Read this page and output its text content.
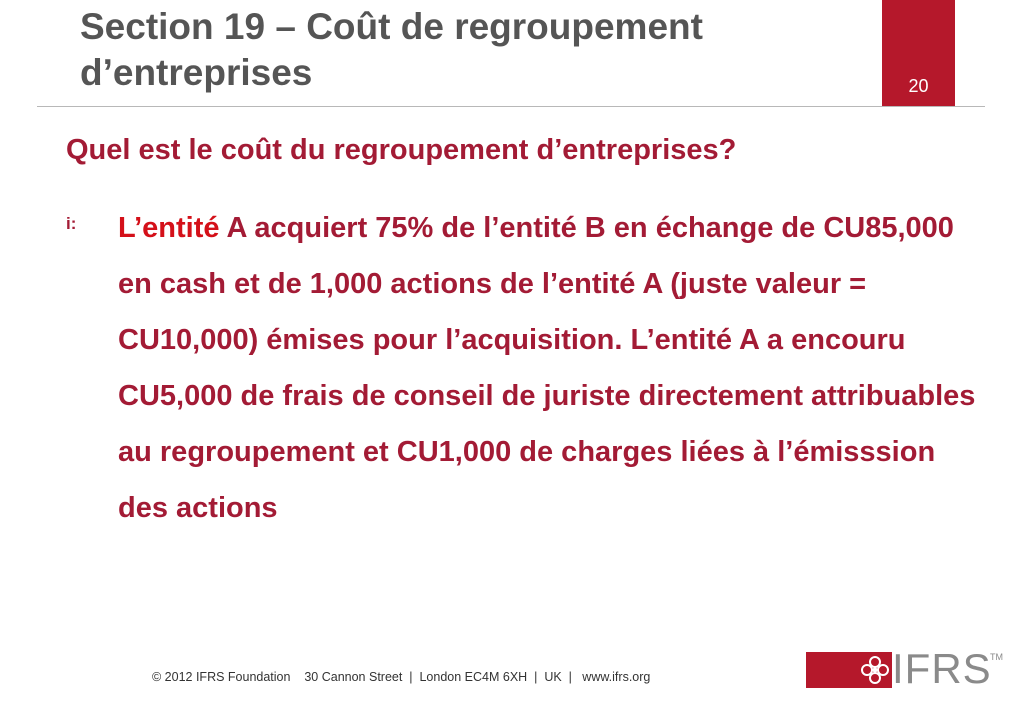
Section 19 – Coût de regroupement
d’entreprises	20
Quel est le coût du regroupement d’entreprises?
i: L’entité A acquiert 75% de l’entité B en échange de CU85,000 en cash et de 1,000 actions de l’entité A (juste valeur = CU10,000) émises pour l’acquisition. L’entité A a encouru CU5,000 de frais de conseil de juriste directement attribuables au regroupement et CU1,000 de charges liées à l’émisssion des actions

© 2012 IFRS Foundation    30 Cannon Street  |  London EC4M 6XH  |  UK  |   www.ifrs.org	IFRS
TM
